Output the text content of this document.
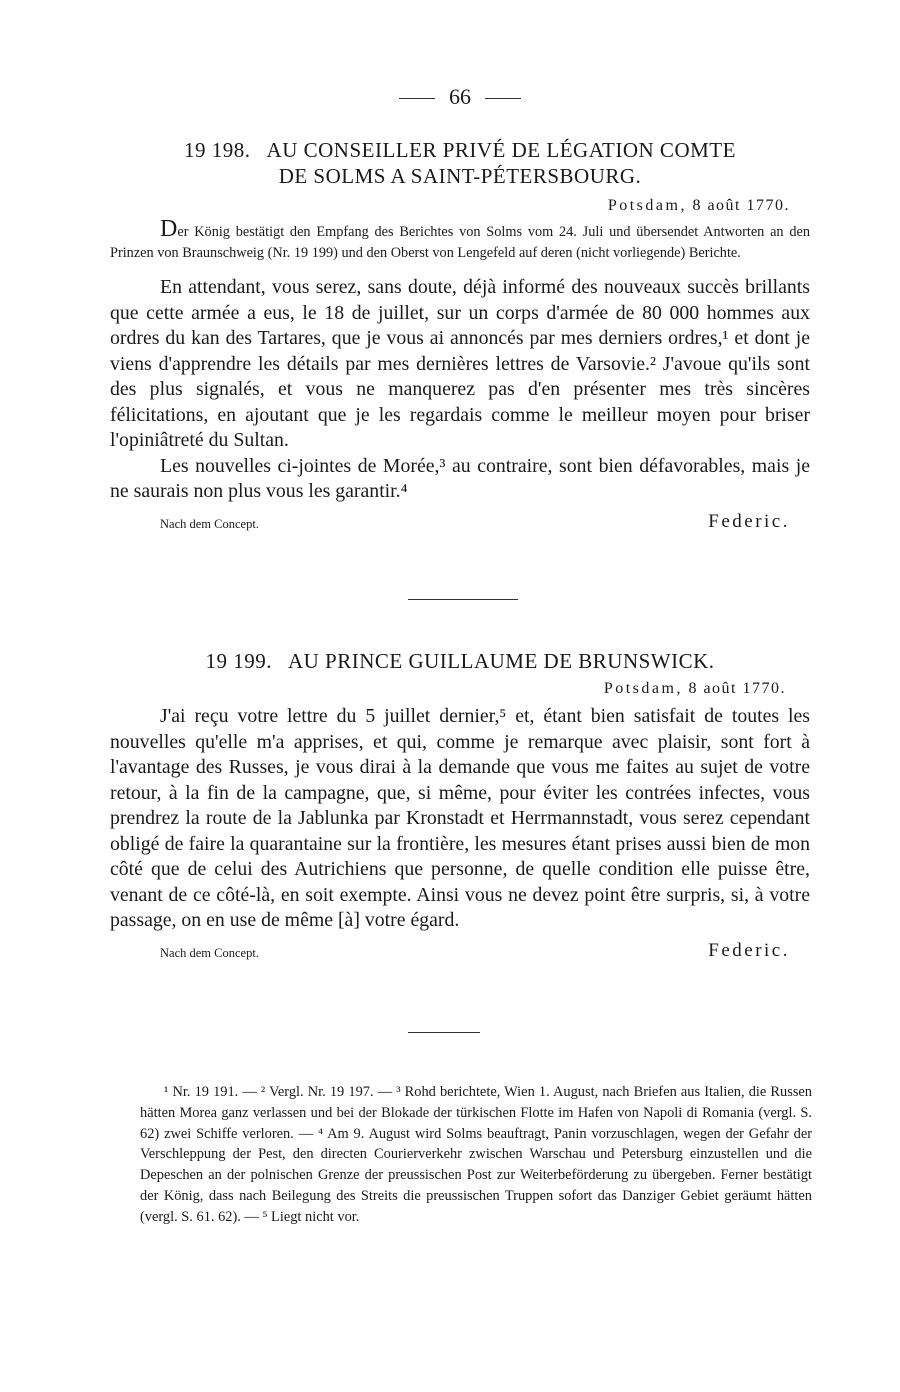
66
19 198. AU CONSEILLER PRIVÉ DE LÉGATION COMTE
DE SOLMS A SAINT-PÉTERSBOURG.
Potsdam, 8 août 1770.
Der König bestätigt den Empfang des Berichtes von Solms vom 24. Juli und übersendet Antworten an den Prinzen von Braunschweig (Nr. 19 199) und den Oberst von Lengefeld auf deren (nicht vorliegende) Berichte.

En attendant, vous serez, sans doute, déjà informé des nouveaux succès brillants que cette armée a eus, le 18 de juillet, sur un corps d'armée de 80 000 hommes aux ordres du kan des Tartares, que je vous ai annoncés par mes derniers ordres,¹ et dont je viens d'apprendre les détails par mes dernières lettres de Varsovie.² J'avoue qu'ils sont des plus signalés, et vous ne manquerez pas d'en présenter mes très sincères félicitations, en ajoutant que je les regardais comme le meilleur moyen pour briser l'opiniâtreté du Sultan.

Les nouvelles ci-jointes de Morée,³ au contraire, sont bien défavorables, mais je ne saurais non plus vous les garantir.⁴

Nach dem Concept.	Federic.
19 199. AU PRINCE GUILLAUME DE BRUNSWICK.
Potsdam, 8 août 1770.

J'ai reçu votre lettre du 5 juillet dernier,⁵ et, étant bien satisfait de toutes les nouvelles qu'elle m'a apprises, et qui, comme je remarque avec plaisir, sont fort à l'avantage des Russes, je vous dirai à la demande que vous me faites au sujet de votre retour, à la fin de la campagne, que, si même, pour éviter les contrées infectes, vous prendrez la route de la Jablunka par Kronstadt et Herrmannstadt, vous serez cependant obligé de faire la quarantaine sur la frontière, les mesures étant prises aussi bien de mon côté que de celui des Autrichiens que personne, de quelle condition elle puisse être, venant de ce côté-là, en soit exempte. Ainsi vous ne devez point être surpris, si, à votre passage, on en use de même [à] votre égard.

Nach dem Concept.	Federic.

¹ Nr. 19 191. — ² Vergl. Nr. 19 197. — ³ Rohd berichtete, Wien 1. August, nach Briefen aus Italien, die Russen hätten Morea ganz verlassen und bei der Blokade der türkischen Flotte im Hafen von Napoli di Romania (vergl. S. 62) zwei Schiffe verloren. — ⁴ Am 9. August wird Solms beauftragt, Panin vorzuschlagen, wegen der Gefahr der Verschleppung der Pest, den directen Courierverkehr zwischen Warschau und Petersburg einzustellen und die Depeschen an der polnischen Grenze der preussischen Post zur Weiterbeförderung zu übergeben. Ferner bestätigt der König, dass nach Beilegung des Streits die preussischen Truppen sofort das Danziger Gebiet geräumt hätten (vergl. S. 61. 62). — ⁵ Liegt nicht vor.
